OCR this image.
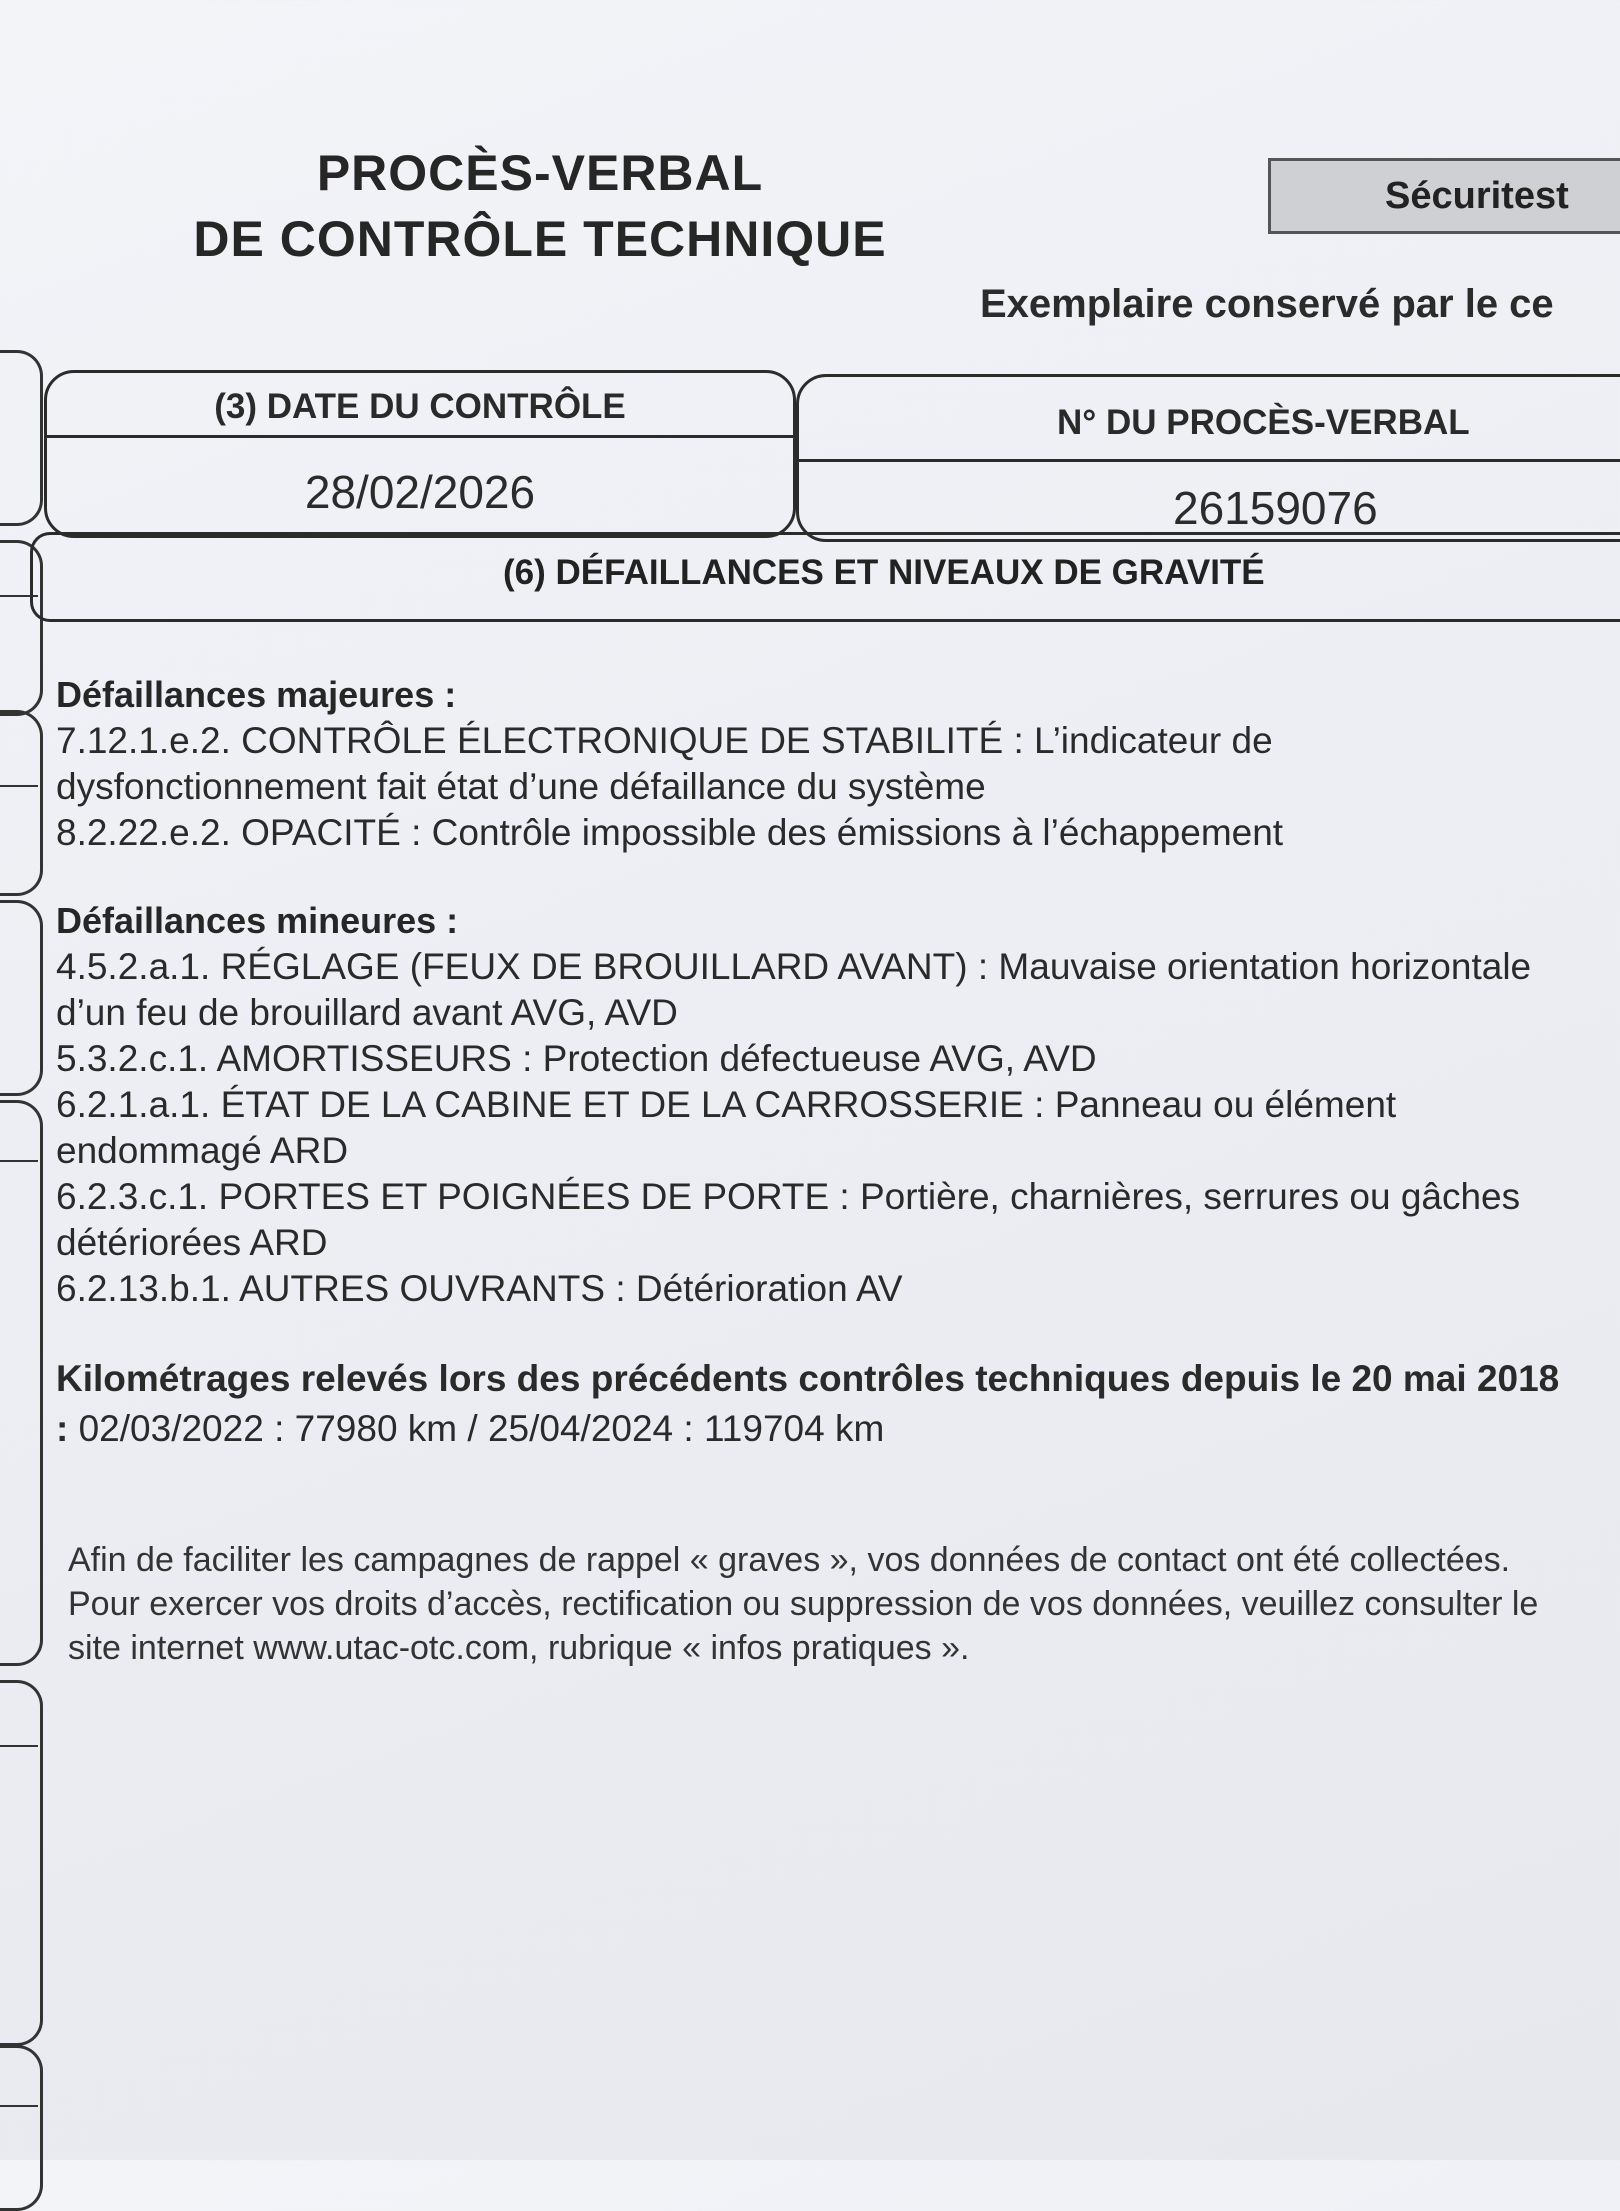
PROCÈS-VERBAL
DE CONTRÔLE TECHNIQUE
Sécuritest
Exemplaire conservé par le ce
(3) DATE DU CONTRÔLE
28/02/2026
N° DU PROCÈS-VERBAL
26159076
(6) DÉFAILLANCES ET NIVEAUX DE GRAVITÉ
Défaillances majeures :
7.12.1.e.2. CONTRÔLE ÉLECTRONIQUE DE STABILITÉ : L’indicateur de dysfonctionnement fait état d’une défaillance du système
8.2.22.e.2. OPACITÉ : Contrôle impossible des émissions à l’échappement
Défaillances mineures :
4.5.2.a.1. RÉGLAGE (FEUX DE BROUILLARD AVANT) : Mauvaise orientation horizontale d’un feu de brouillard avant AVG, AVD
5.3.2.c.1. AMORTISSEURS : Protection défectueuse AVG, AVD
6.2.1.a.1. ÉTAT DE LA CABINE ET DE LA CARROSSERIE : Panneau ou élément endommagé ARD
6.2.3.c.1. PORTES ET POIGNÉES DE PORTE : Portière, charnières, serrures ou gâches détériorées ARD
6.2.13.b.1. AUTRES OUVRANTS : Détérioration AV
Kilométrages relevés lors des précédents contrôles techniques depuis le 20 mai 2018 : 02/03/2022 : 77980 km / 25/04/2024 : 119704 km
Afin de faciliter les campagnes de rappel « graves », vos données de contact ont été collectées. Pour exercer vos droits d’accès, rectification ou suppression de vos données, veuillez consulter le site internet www.utac-otc.com, rubrique « infos pratiques ».
